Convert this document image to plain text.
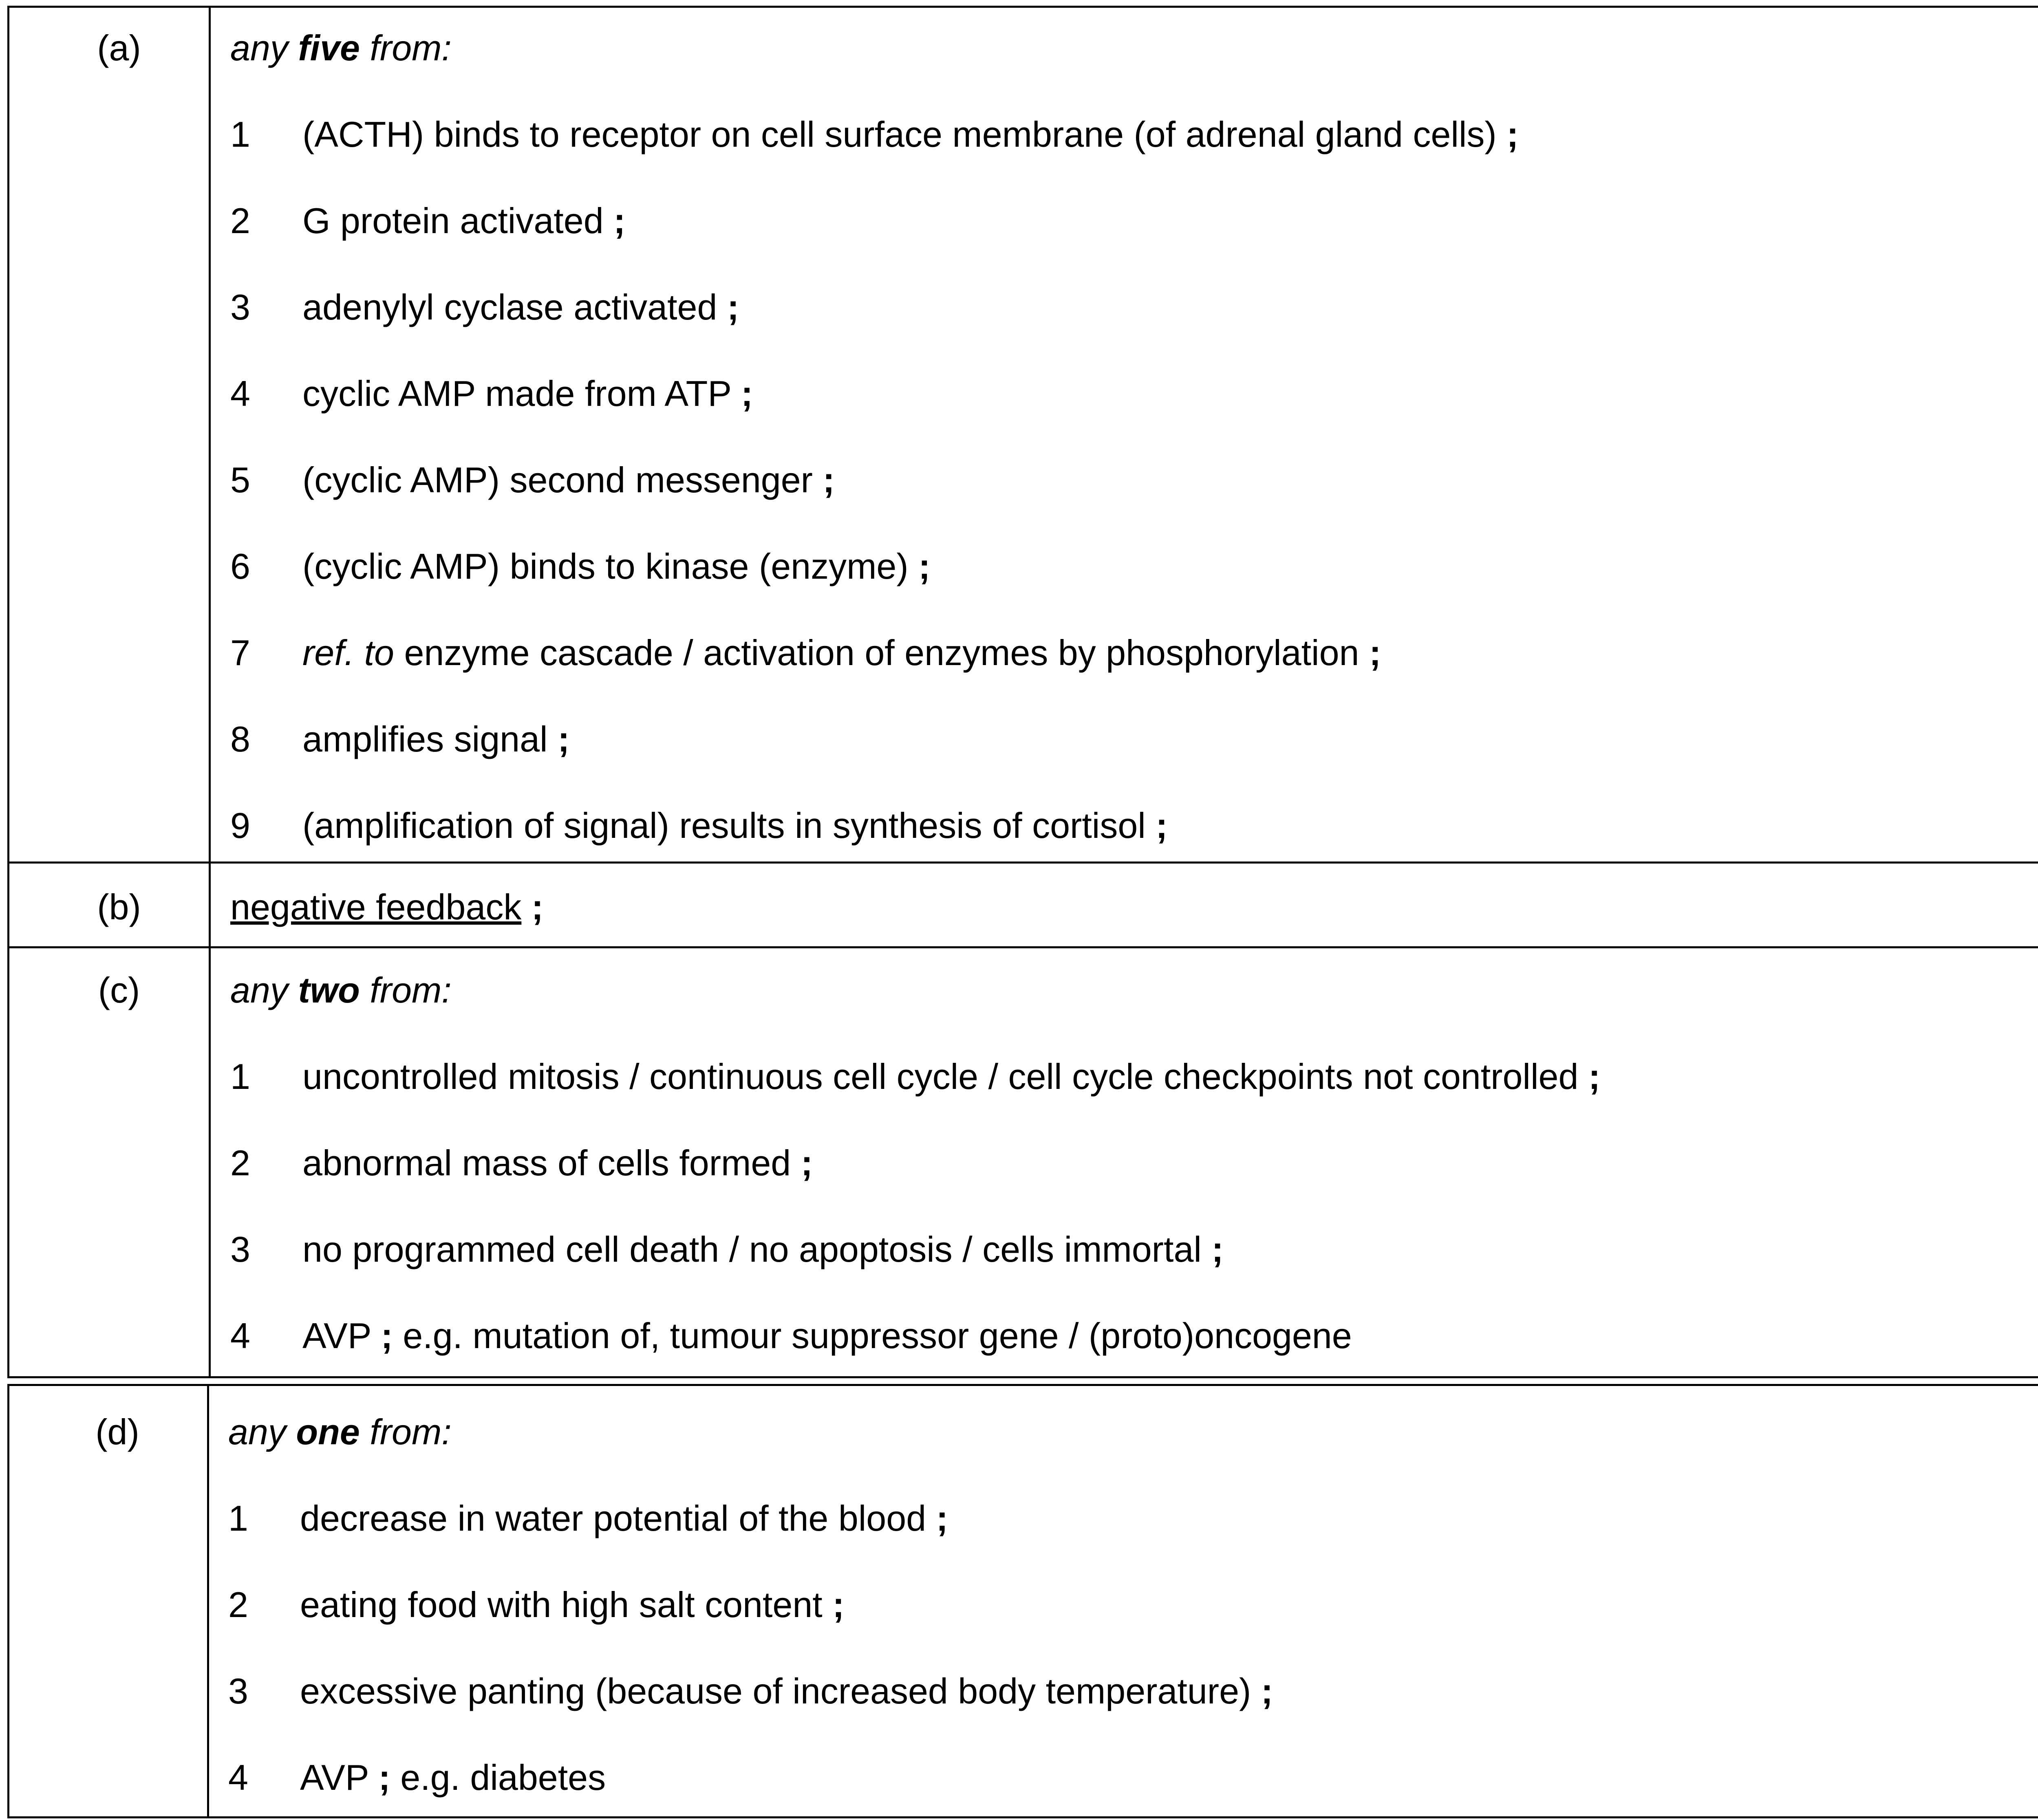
(a)	any five from:
1	(ACTH) binds to receptor on cell surface membrane (of adrenal gland cells) ;
2	G protein activated ;
3	adenylyl cyclase activated ;
4	cyclic AMP made from ATP ;
5	(cyclic AMP) second messenger ;
6	(cyclic AMP) binds to kinase (enzyme) ;
7	ref. to enzyme cascade / activation of enzymes by phosphorylation ;
8	amplifies signal ;
9	(amplification of signal) results in synthesis of cortisol ;
(b)	negative feedback ;
(c)	any two from:
1	uncontrolled mitosis / continuous cell cycle / cell cycle checkpoints not controlled ;
2	abnormal mass of cells formed ;
3	no programmed cell death / no apoptosis / cells immortal ;
4	AVP ; e.g. mutation of, tumour suppressor gene / (proto)oncogene
(d)	any one from:
1	decrease in water potential of the blood ;
2	eating food with high salt content ;
3	excessive panting (because of increased body temperature) ;
4	AVP ; e.g. diabetes
